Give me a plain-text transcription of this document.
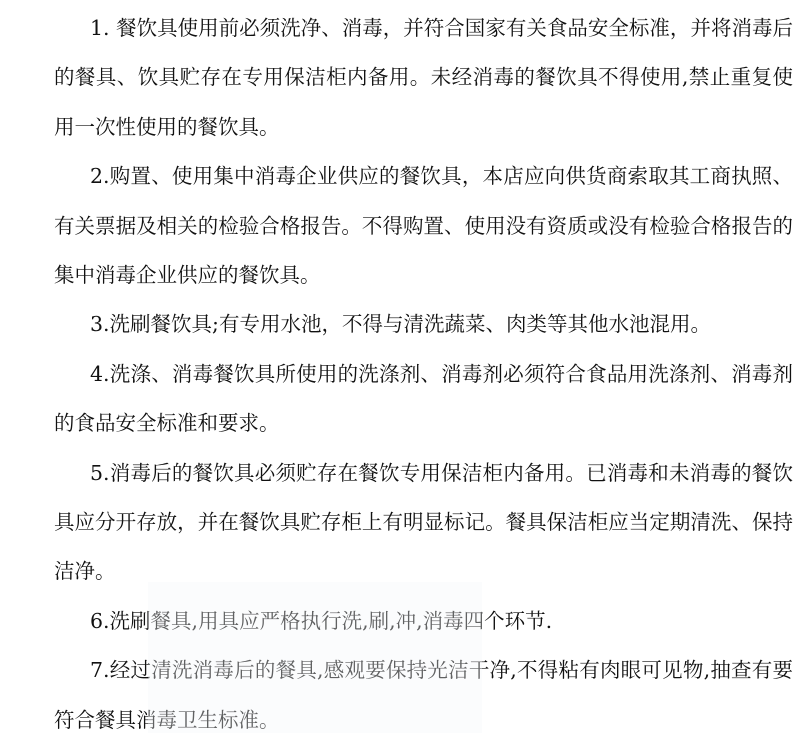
1. 餐饮具使用前必须洗净、消毒，并符合国家有关食品安全标准，并将消毒后的餐具、饮具贮存在专用保洁柜内备用。未经消毒的餐饮具不得使用,禁止重复使用一次性使用的餐饮具。

2.购置、使用集中消毒企业供应的餐饮具，本店应向供货商索取其工商执照、有关票据及相关的检验合格报告。不得购置、使用没有资质或没有检验合格报告的集中消毒企业供应的餐饮具。

3.洗刷餐饮具;有专用水池，不得与清洗蔬菜、肉类等其他水池混用。

4.洗涤、消毒餐饮具所使用的洗涤剂、消毒剂必须符合食品用洗涤剂、消毒剂的食品安全标准和要求。

5.消毒后的餐饮具必须贮存在餐饮专用保洁柜内备用。已消毒和未消毒的餐饮具应分开存放，并在餐饮具贮存柜上有明显标记。餐具保洁柜应当定期清洗、保持洁净。

6.洗刷餐具,用具应严格执行洗,刷,冲,消毒四个环节.

7.经过清洗消毒后的餐具,感观要保持光洁干净,不得粘有肉眼可见物,抽查有要符合餐具消毒卫生标准。
